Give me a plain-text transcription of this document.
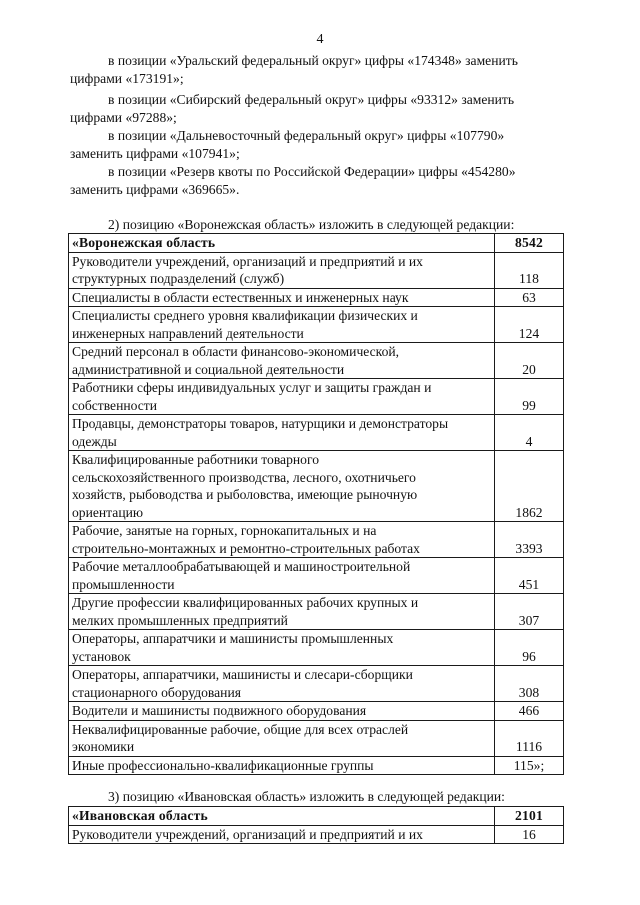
4
в позиции «Уральский федеральный округ» цифры «174348» заменить
цифрами «173191»;
в позиции «Сибирский федеральный округ» цифры «93312» заменить
цифрами «97288»;
в позиции «Дальневосточный федеральный округ» цифры «107790»
заменить цифрами «107941»;
в позиции «Резерв квоты по Российской Федерации» цифры «454280»
заменить цифрами «369665».
2) позицию «Воронежская область» изложить в следующей редакции:
«Воронежская область	8542

Руководители учреждений, организаций и предприятий и их
структурных подразделений (служб)	118

Специалисты в области естественных и инженерных наук	63

Специалисты среднего уровня квалификации физических и
инженерных направлений деятельности	124

Средний персонал в области финансово-экономической,
административной и социальной деятельности	20

Работники сферы индивидуальных услуг и защиты граждан и
собственности	99

Продавцы, демонстраторы товаров, натурщики и демонстраторы
одежды	4

Квалифицированные работники товарного
сельскохозяйственного производства, лесного, охотничьего
хозяйств, рыбоводства и рыболовства, имеющие рыночную
ориентацию	1862

Рабочие, занятые на горных, горнокапитальных и на
строительно-монтажных и ремонтно-строительных работах	3393

Рабочие металлообрабатывающей и машиностроительной
промышленности	451

Другие профессии квалифицированных рабочих крупных и
мелких промышленных предприятий	307

Операторы, аппаратчики и машинисты промышленных
установок	96

Операторы, аппаратчики, машинисты и слесари-сборщики
стационарного оборудования	308

Водители и машинисты подвижного оборудования	466

Неквалифицированные рабочие, общие для всех отраслей
экономики	1116

Иные профессионально-квалификационные группы	115»;
3) позицию «Ивановская область» изложить в следующей редакции:
«Ивановская область	2101

Руководители учреждений, организаций и предприятий и их	16
